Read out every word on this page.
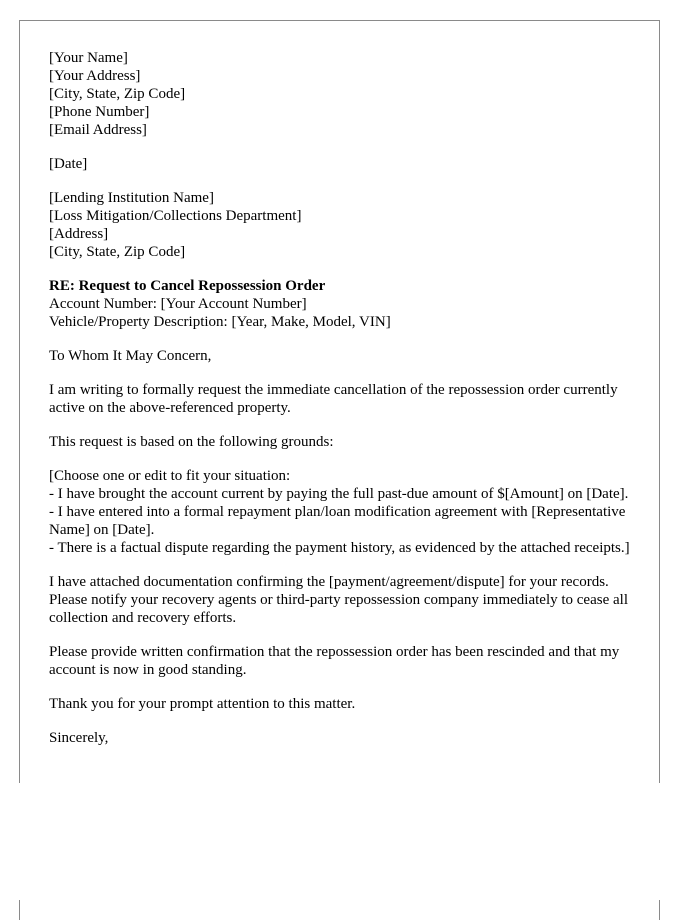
[Your Name]
[Your Address]
[City, State, Zip Code]
[Phone Number]
[Email Address]
[Date]
[Lending Institution Name]
[Loss Mitigation/Collections Department]
[Address]
[City, State, Zip Code]
RE: Request to Cancel Repossession Order
Account Number: [Your Account Number]
Vehicle/Property Description: [Year, Make, Model, VIN]
To Whom It May Concern,
I am writing to formally request the immediate cancellation of the repossession order currently active on the above-referenced property.
This request is based on the following grounds:
[Choose one or edit to fit your situation:
- I have brought the account current by paying the full past-due amount of $[Amount] on [Date].
- I have entered into a formal repayment plan/loan modification agreement with [Representative Name] on [Date].
- There is a factual dispute regarding the payment history, as evidenced by the attached receipts.]
I have attached documentation confirming the [payment/agreement/dispute] for your records. Please notify your recovery agents or third-party repossession company immediately to cease all collection and recovery efforts.
Please provide written confirmation that the repossession order has been rescinded and that my account is now in good standing.
Thank you for your prompt attention to this matter.
Sincerely,
